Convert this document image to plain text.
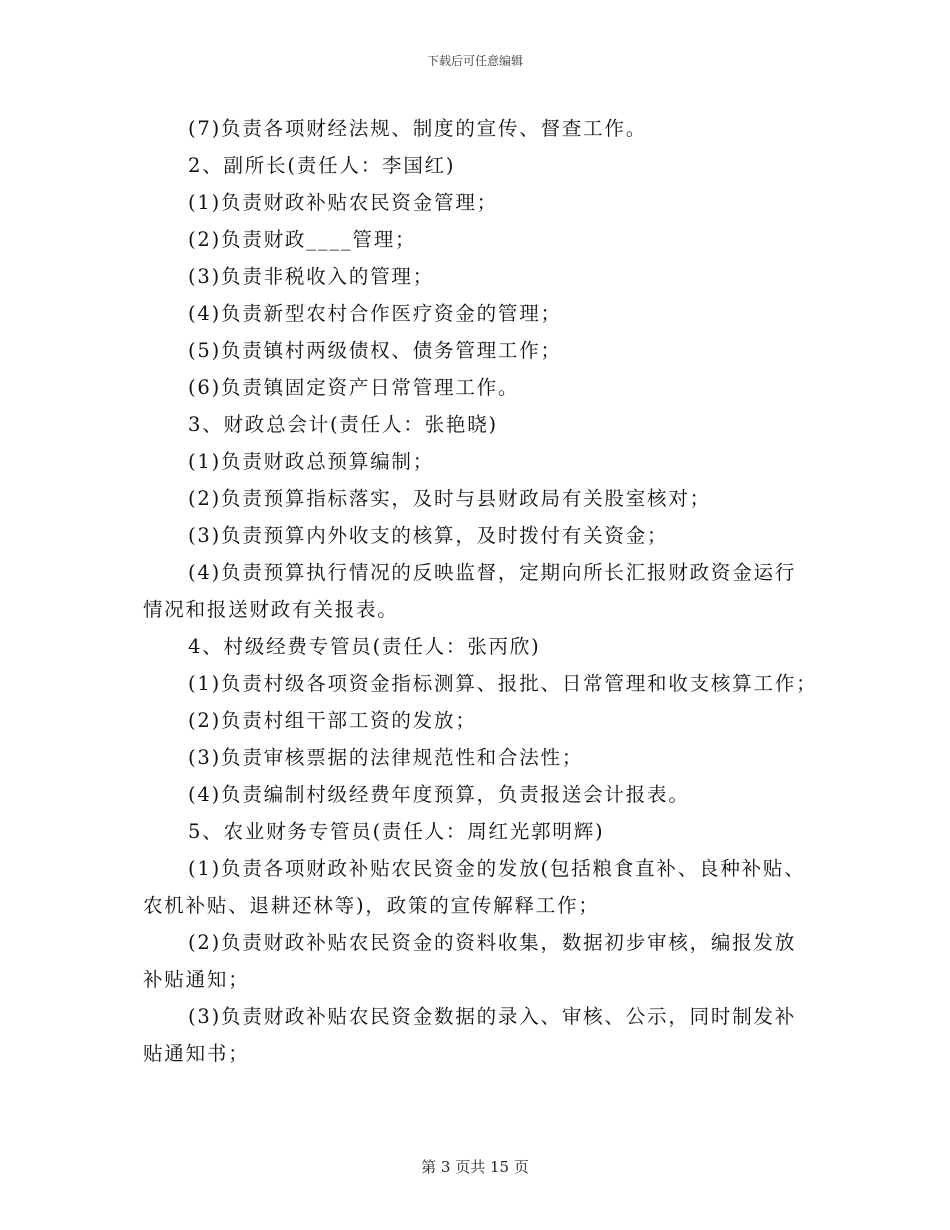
下载后可任意编辑
(7)负责各项财经法规、制度的宣传、督查工作。
2、副所长(责任人：李国红)
(1)负责财政补贴农民资金管理；
(2)负责财政____管理；
(3)负责非税收入的管理；
(4)负责新型农村合作医疗资金的管理；
(5)负责镇村两级债权、债务管理工作；
(6)负责镇固定资产日常管理工作。
3、财政总会计(责任人：张艳晓)
(1)负责财政总预算编制；
(2)负责预算指标落实，及时与县财政局有关股室核对；
(3)负责预算内外收支的核算，及时拨付有关资金；
(4)负责预算执行情况的反映监督，定期向所长汇报财政资金运行
情况和报送财政有关报表。
4、村级经费专管员(责任人：张丙欣)
(1)负责村级各项资金指标测算、报批、日常管理和收支核算工作；
(2)负责村组干部工资的发放；
(3)负责审核票据的法律规范性和合法性；
(4)负责编制村级经费年度预算，负责报送会计报表。
5、农业财务专管员(责任人：周红光郭明辉)
(1)负责各项财政补贴农民资金的发放(包括粮食直补、良种补贴、
农机补贴、退耕还林等)，政策的宣传解释工作；
(2)负责财政补贴农民资金的资料收集，数据初步审核，编报发放
补贴通知；
(3)负责财政补贴农民资金数据的录入、审核、公示，同时制发补
贴通知书；
第 3 页共 15 页
